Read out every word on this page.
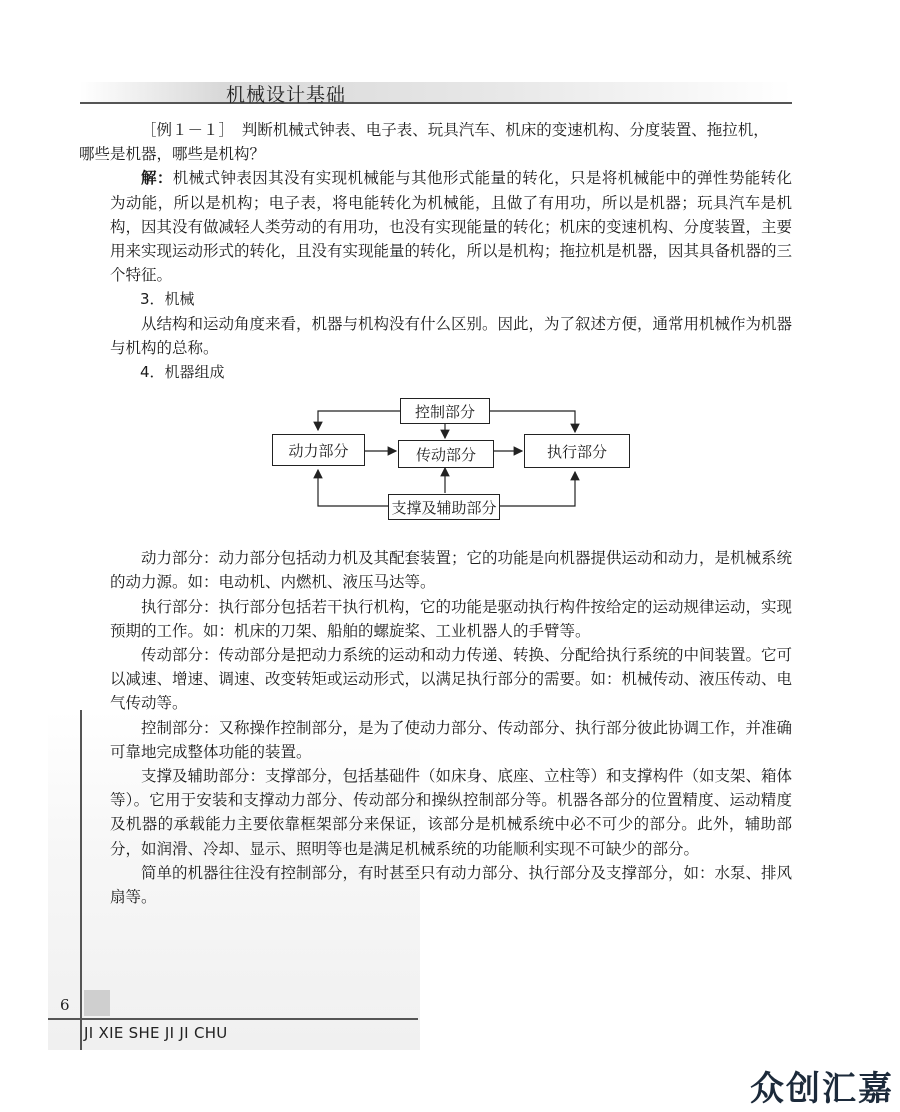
机械设计基础

［例１－１］　判断机械式钟表、电子表、玩具汽车、机床的变速机构、分度装置、拖拉机，
哪些是机器，哪些是机构？

解：机械式钟表因其没有实现机械能与其他形式能量的转化，只是将机械能中的弹性势能转化为动能，所以是机构；电子表，将电能转化为机械能，且做了有用功，所以是机器；玩具汽车是机构，因其没有做减轻人类劳动的有用功，也没有实现能量的转化；机床的变速机构、分度装置，主要用来实现运动形式的转化，且没有实现能量的转化，所以是机构；拖拉机是机器，因其具备机器的三个特征。

3．机械

从结构和运动角度来看，机器与机构没有什么区别。因此，为了叙述方便，通常用机械作为机器与机构的总称。

4．机器组成

控制部分
动力部分	传动部分	执行部分
支撑及辅助部分

动力部分：动力部分包括动力机及其配套装置；它的功能是向机器提供运动和动力，是机械系统的动力源。如：电动机、内燃机、液压马达等。

执行部分：执行部分包括若干执行机构，它的功能是驱动执行构件按给定的运动规律运动，实现预期的工作。如：机床的刀架、船舶的螺旋桨、工业机器人的手臂等。

传动部分：传动部分是把动力系统的运动和动力传递、转换、分配给执行系统的中间装置。它可以减速、增速、调速、改变转矩或运动形式，以满足执行部分的需要。如：机械传动、液压传动、电气传动等。

控制部分：又称操作控制部分，是为了使动力部分、传动部分、执行部分彼此协调工作，并准确可靠地完成整体功能的装置。

支撑及辅助部分：支撑部分，包括基础件（如床身、底座、立柱等）和支撑构件（如支架、箱体等）。它用于安装和支撑动力部分、传动部分和操纵控制部分等。机器各部分的位置精度、运动精度及机器的承载能力主要依靠框架部分来保证，该部分是机械系统中必不可少的部分。此外，辅助部分，如润滑、冷却、显示、照明等也是满足机械系统的功能顺利实现不可缺少的部分。

简单的机器往往没有控制部分，有时甚至只有动力部分、执行部分及支撑部分，如：水泵、排风扇等。

6
JI XIE SHE JI JI CHU
众创汇嘉
